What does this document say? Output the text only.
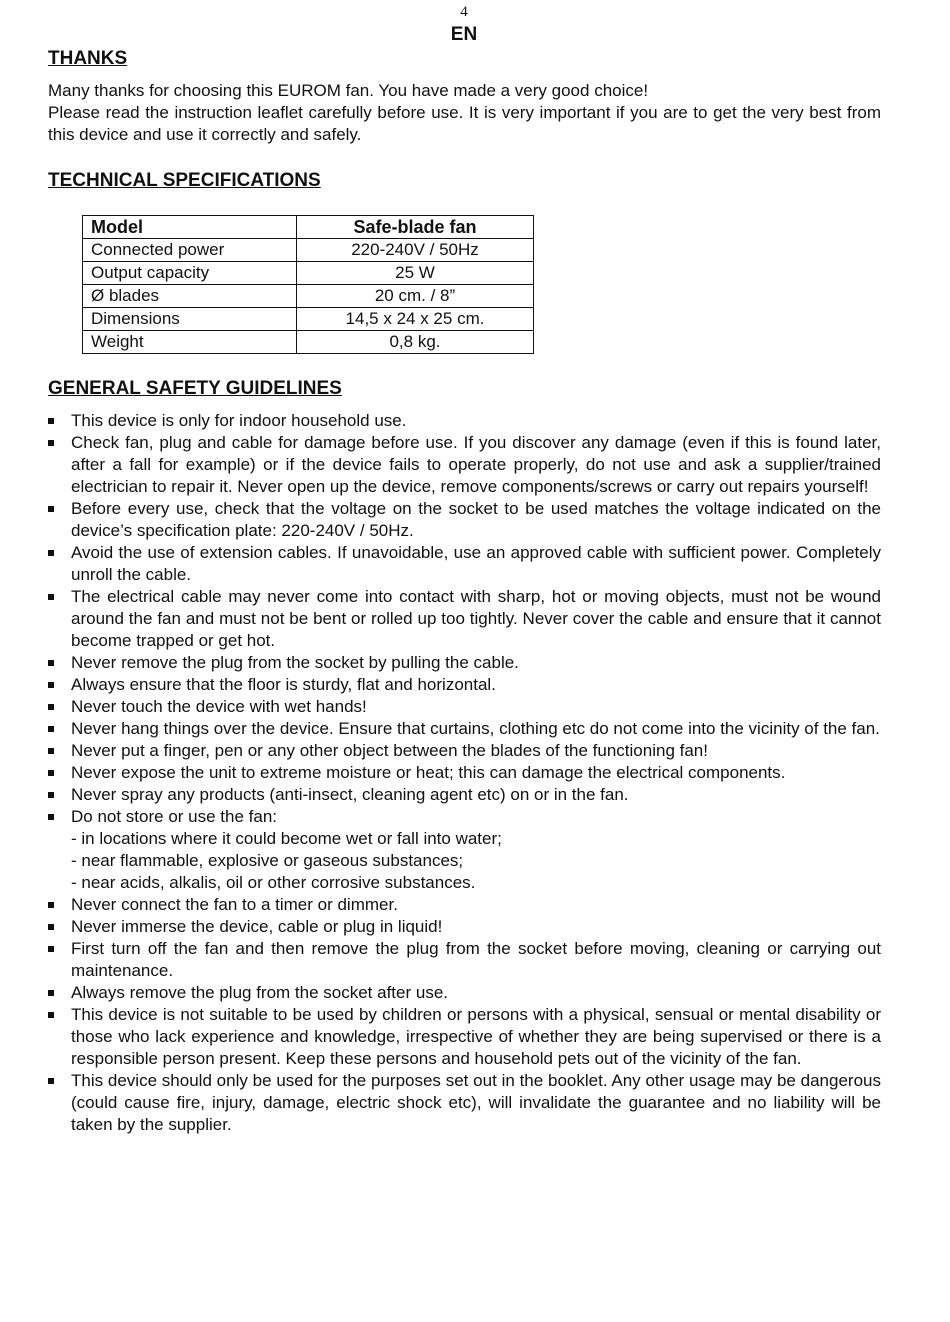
4
EN
THANKS

Many thanks for choosing this EUROM fan. You have made a very good choice!

Please read the instruction leaflet carefully before use. It is very important if you are to get the very best from this device and use it correctly and safely.

TECHNICAL SPECIFICATIONS
Model	Safe-blade fan
Connected power	220-240V / 50Hz
Output capacity	25 W
Ø blades	20 cm. / 8”
Dimensions	14,5 x 24 x 25 cm.
Weight	0,8 kg.
GENERAL SAFETY GUIDELINES
This device is only for indoor household use.
Check fan, plug and cable for damage before use. If you discover any damage (even if this is found later, after a fall for example) or if the device fails to operate properly, do not use and ask a supplier/trained electrician to repair it. Never open up the device, remove components/screws or carry out repairs yourself!
Before every use, check that the voltage on the socket to be used matches the voltage indicated on the device’s specification plate: 220-240V / 50Hz.
Avoid the use of extension cables. If unavoidable, use an approved cable with sufficient power. Completely unroll the cable.
The electrical cable may never come into contact with sharp, hot or moving objects, must not be wound around the fan and must not be bent or rolled up too tightly. Never cover the cable and ensure that it cannot become trapped or get hot.
Never remove the plug from the socket by pulling the cable.
Always ensure that the floor is sturdy, flat and horizontal.
Never touch the device with wet hands!
Never hang things over the device. Ensure that curtains, clothing etc do not come into the vicinity of the fan.
Never put a finger, pen or any other object between the blades of the functioning fan!
Never expose the unit to extreme moisture or heat; this can damage the electrical components.
Never spray any products (anti-insect, cleaning agent etc) on or in the fan.
Do not store or use the fan:
- in locations where it could become wet or fall into water;
- near flammable, explosive or gaseous substances;
- near acids, alkalis, oil or other corrosive substances.
Never connect the fan to a timer or dimmer.
Never immerse the device, cable or plug in liquid!
First turn off the fan and then remove the plug from the socket before moving, cleaning or carrying out maintenance.
Always remove the plug from the socket after use.
This device is not suitable to be used by children or persons with a physical, sensual or mental disability or those who lack experience and knowledge, irrespective of whether they are being supervised or there is a responsible person present. Keep these persons and household pets out of the vicinity of the fan.
This device should only be used for the purposes set out in the booklet. Any other usage may be dangerous (could cause fire, injury, damage, electric shock etc), will invalidate the guarantee and no liability will be taken by the supplier.
